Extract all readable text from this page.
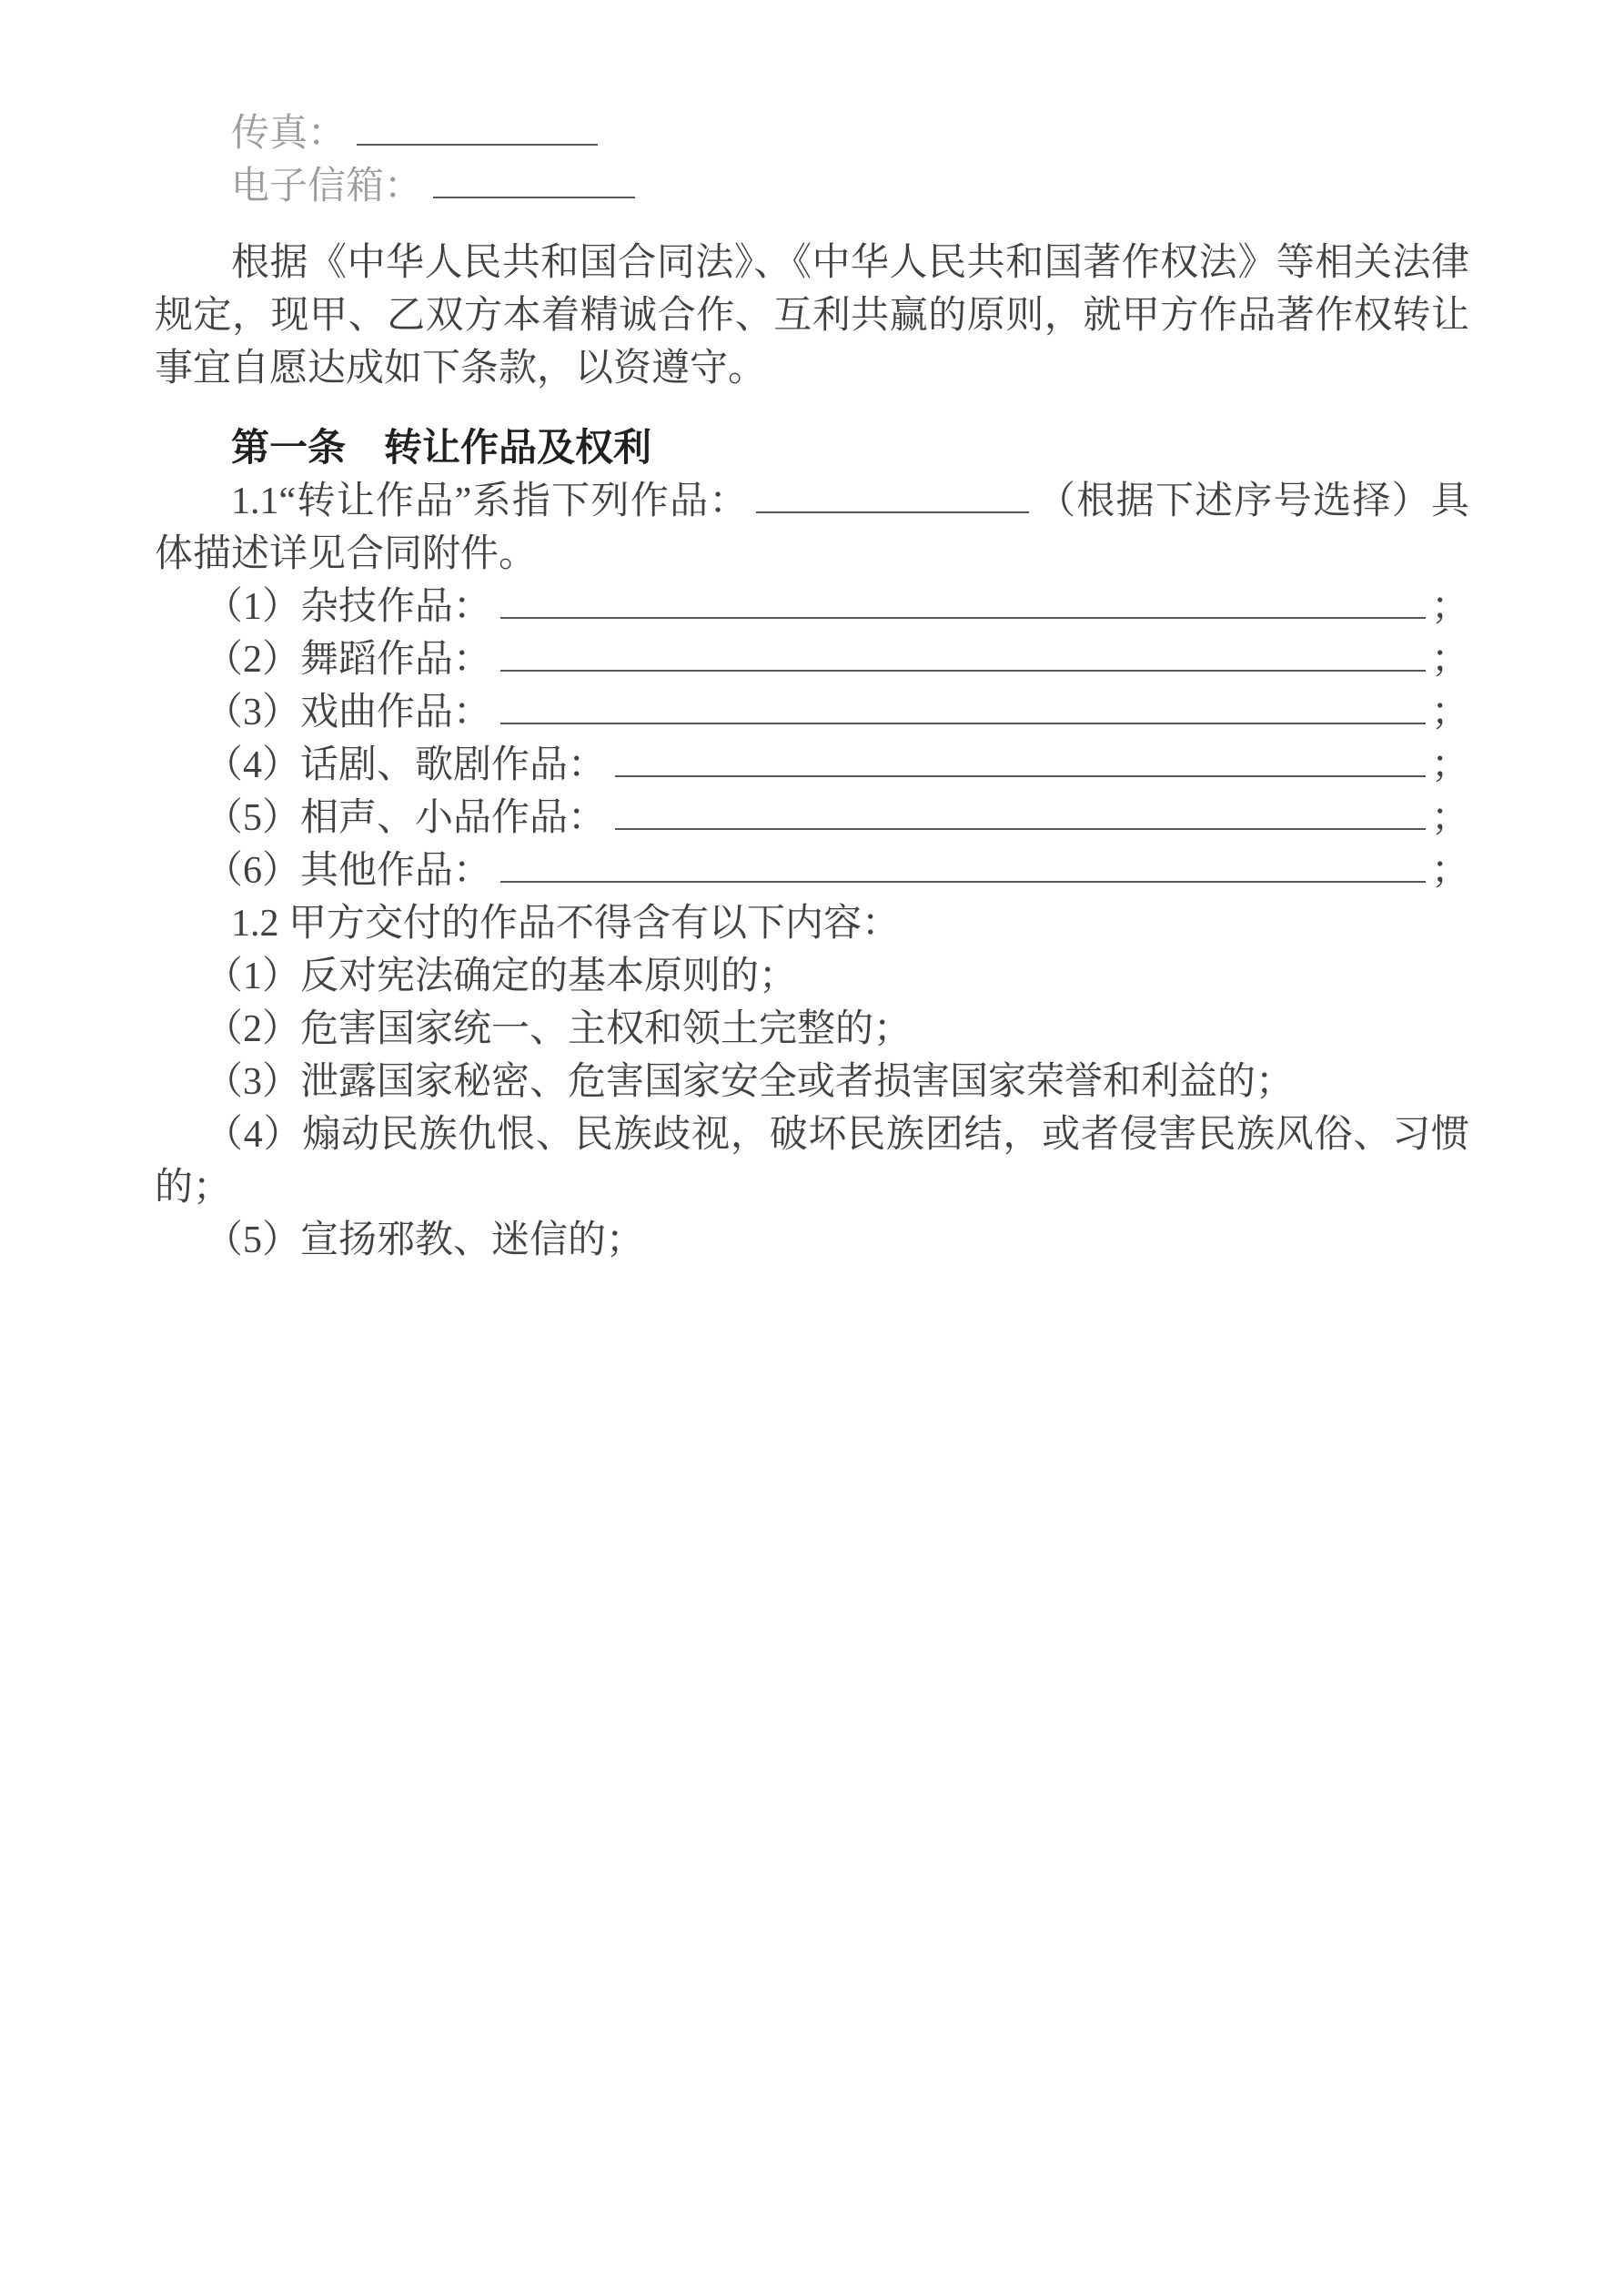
传真：
电子信箱：

根据《中华人民共和国合同法》、《中华人民共和国著作权法》等相关法律规定，现甲、乙双方本着精诚合作、互利共赢的原则，就甲方作品著作权转让事宜自愿达成如下条款，以资遵守。

第一条　转让作品及权利

1.1“转让作品”系指下列作品：	（根据下述序号选择）具体描述详见合同附件。

（1）杂技作品：	；
（2）舞蹈作品：	；
（3）戏曲作品：	；
（4）话剧、歌剧作品：	；
（5）相声、小品作品：	；
（6）其他作品：	；

1.2 甲方交付的作品不得含有以下内容：

（1）反对宪法确定的基本原则的；

（2）危害国家统一、主权和领土完整的；

（3）泄露国家秘密、危害国家安全或者损害国家荣誉和利益的；

（4）煽动民族仇恨、民族歧视，破坏民族团结，或者侵害民族风俗、习惯的；

（5）宣扬邪教、迷信的；
